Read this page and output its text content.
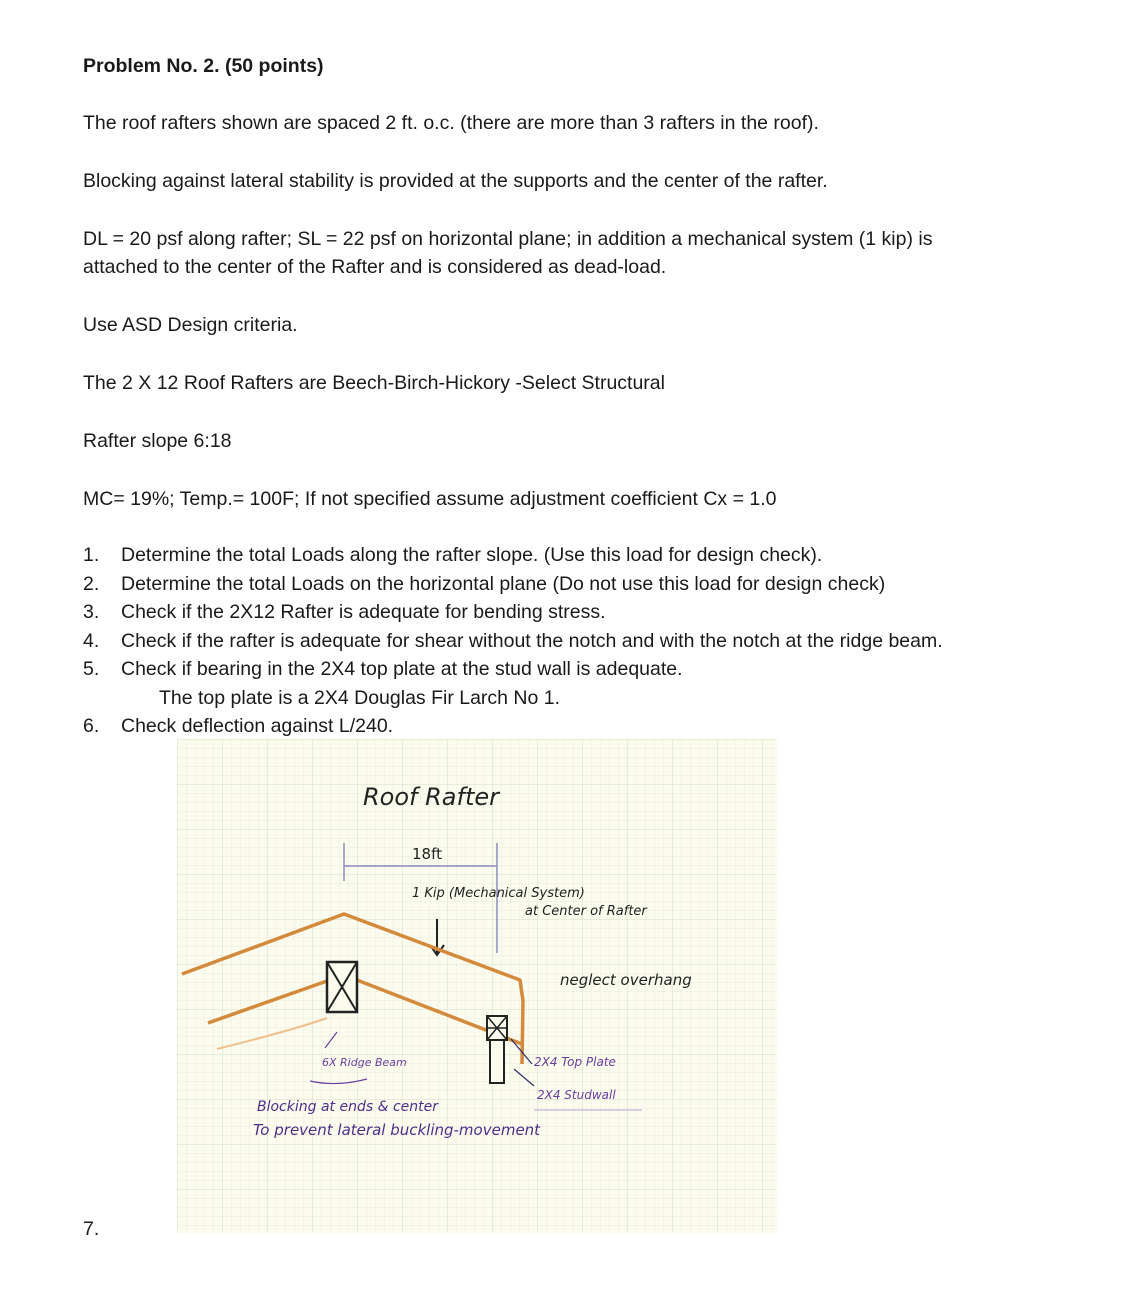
Problem No. 2. (50 points)

The roof rafters shown are spaced 2 ft. o.c. (there are more than 3 rafters in the roof).

Blocking against lateral stability is provided at the supports and the center of the rafter.

DL = 20 psf along rafter; SL = 22 psf on horizontal plane; in addition a mechanical system (1 kip) is

attached to the center of the Rafter and is considered as dead-load.

Use ASD Design criteria.

The 2 X 12 Roof Rafters are Beech-Birch-Hickory -Select Structural

Rafter slope 6:18

MC= 19%; Temp.= 100F; If not specified assume adjustment coefficient Cx = 1.0

1. Determine the total Loads along the rafter slope. (Use this load for design check).
2. Determine the total Loads on the horizontal plane (Do not use this load for design check)
3. Check if the 2X12 Rafter is adequate for bending stress.
4. Check if the rafter is adequate for shear without the notch and with the notch at the ridge beam.
5. Check if bearing in the 2X4 top plate at the stud wall is adequate.
The top plate is a 2X4 Douglas Fir Larch No 1.
6. Check deflection against L/240.

7.

Roof Rafter
18ft
1 Kip (Mechanical System)
at Center of Rafter
neglect overhang
6X Ridge Beam	2X4 Top Plate
2X4 Studwall
Blocking at ends & center
To prevent lateral buckling-movement
